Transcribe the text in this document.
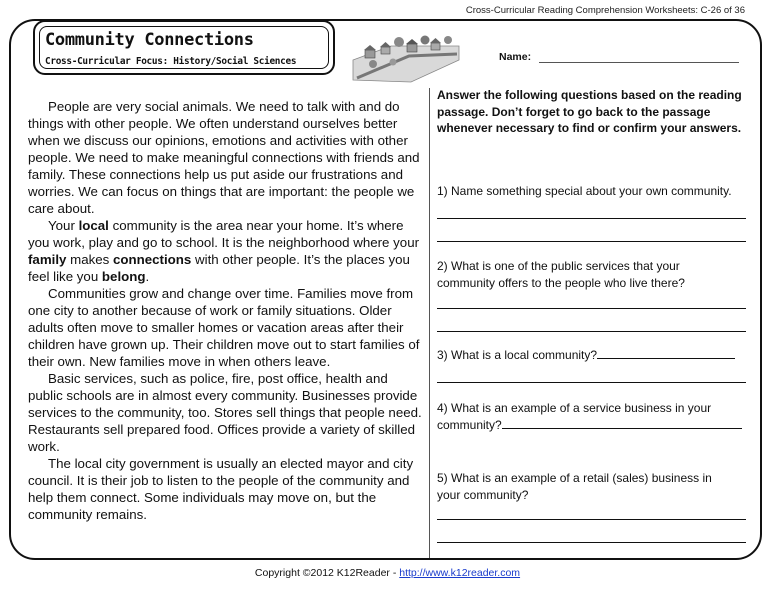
Cross-Curricular Reading Comprehension Worksheets: C-26 of 36
Community Connections
Cross-Curricular Focus: History/Social Sciences	Name:

People are very social animals. We need to talk with and do things with other people. We often understand ourselves better when we discuss our opinions, emotions and activities with other people. We need to make meaningful connections with friends and family. These connections help us put aside our frustrations and worries. We can focus on things that are important: the people we care about.

Your local community is the area near your home. It’s where you work, play and go to school. It is the neighborhood where your family makes connections with other people. It’s the places you feel like you belong.

Communities grow and change over time. Families move from one city to another because of work or family situations. Older adults often move to smaller homes or vacation areas after their children have grown up. Their children move out to start families of their own. New families move in when others leave.

Basic services, such as police, fire, post office, health and public schools are in almost every community. Businesses provide services to the community, too. Stores sell things that people need. Restaurants sell prepared food. Offices provide a variety of skilled work.

The local city government is usually an elected mayor and city council. It is their job to listen to the people of the community and help them connect. Some individuals may move on, but the community remains.

Answer the following questions based on the reading passage. Don’t forget to go back to the passage whenever necessary to find or confirm your answers.
1) Name something special about your own community.
2) What is one of the public services that your community offers to the people who live there?
3) What is a local community?
4) What is an example of a service business in your community?
5) What is an example of a retail (sales) business in your community?
Copyright ©2012 K12Reader - http://www.k12reader.com
